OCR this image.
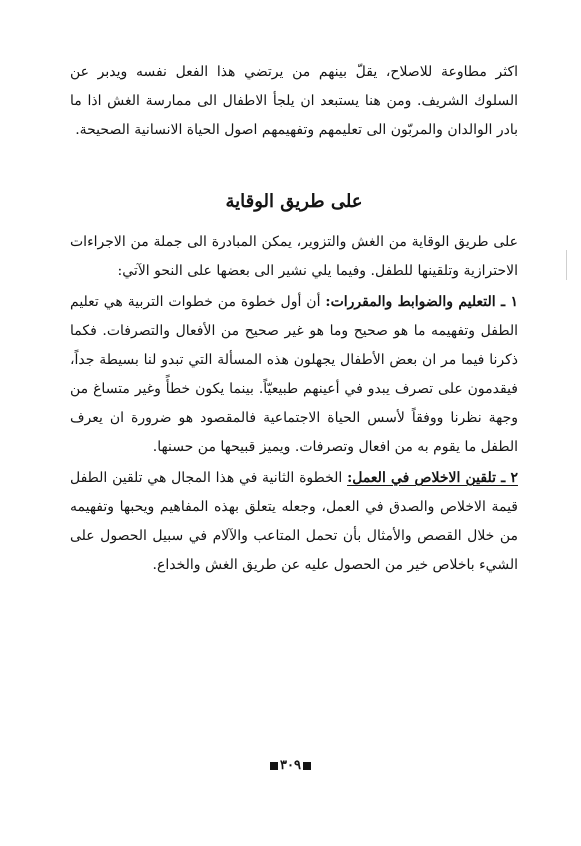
اكثر مطاوعة للاصلاح، يقلّ بينهم من يرتضي هذا الفعل نفسه ويدبر عن السلوك الشريف. ومن هنا يستبعد ان يلجأ الاطفال الى ممارسة الغش اذا ما بادر الوالدان والمربّون الى تعليمهم وتفهيمهم اصول الحياة الانسانية الصحيحة.

على طريق الوقاية

على طريق الوقاية من الغش والتزوير، يمكن المبادرة الى جملة من الاجراءات الاحترازية وتلقينها للطفل. وفيما يلي نشير الى بعضها على النحو الآتي:

١ ـ التعليم والضوابط والمقررات: أن أول خطوة من خطوات التربية هي تعليم الطفل وتفهيمه ما هو صحيح وما هو غير صحيح من الأفعال والتصرفات. فكما ذكرنا فيما مر ان بعض الأطفال يجهلون هذه المسألة التي تبدو لنا بسيطة جداً، فيقدمون على تصرف يبدو في أعينهم طبيعيّاً. بينما يكون خطأً وغير متساغ من وجهة نظرنا ووفقاً لأسس الحياة الاجتماعية فالمقصود هو ضرورة ان يعرف الطفل ما يقوم به من افعال وتصرفات. ويميز قبيحها من حسنها.

٢ ـ تلقين الاخلاص في العمل: الخطوة الثانية في هذا المجال هي تلقين الطفل قيمة الاخلاص والصدق في العمل، وجعله يتعلق بهذه المفاهيم ويحبها وتفهيمه من خلال القصص والأمثال بأن تحمل المتاعب والآلام في سبيل الحصول على الشيء باخلاص خير من الحصول عليه عن طريق الغش والخداع.

٣٠٩
